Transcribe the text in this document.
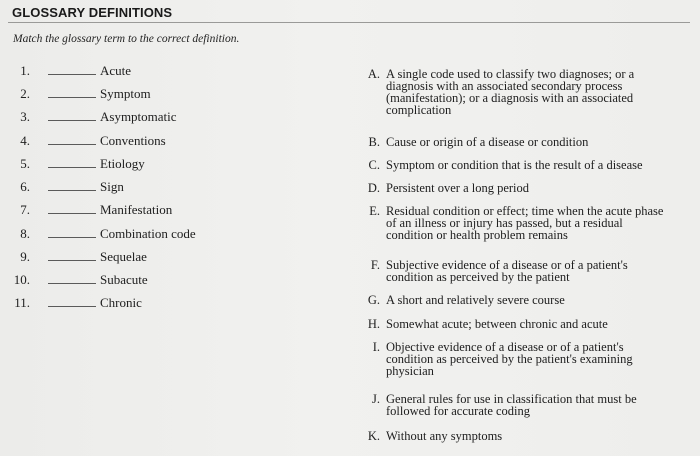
GLOSSARY DEFINITIONS
Match the glossary term to the correct definition.
1.	Acute
2.	Symptom
3.	Asymptomatic
4.	Conventions
5.	Etiology
6.	Sign
7.	Manifestation
8.	Combination code
9.	Sequelae
10.	Subacute
11.	Chronic
A. A single code used to classify two diagnoses; or a diagnosis with an associated secondary process (manifestation); or a diagnosis with an associated complication
B. Cause or origin of a disease or condition
C. Symptom or condition that is the result of a disease
D. Persistent over a long period
E. Residual condition or effect; time when the acute phase of an illness or injury has passed, but a residual condition or health problem remains
F. Subjective evidence of a disease or of a patient's condition as perceived by the patient
G. A short and relatively severe course
H. Somewhat acute; between chronic and acute
I. Objective evidence of a disease or of a patient's condition as perceived by the patient's examining physician
J. General rules for use in classification that must be followed for accurate coding
K. Without any symptoms
